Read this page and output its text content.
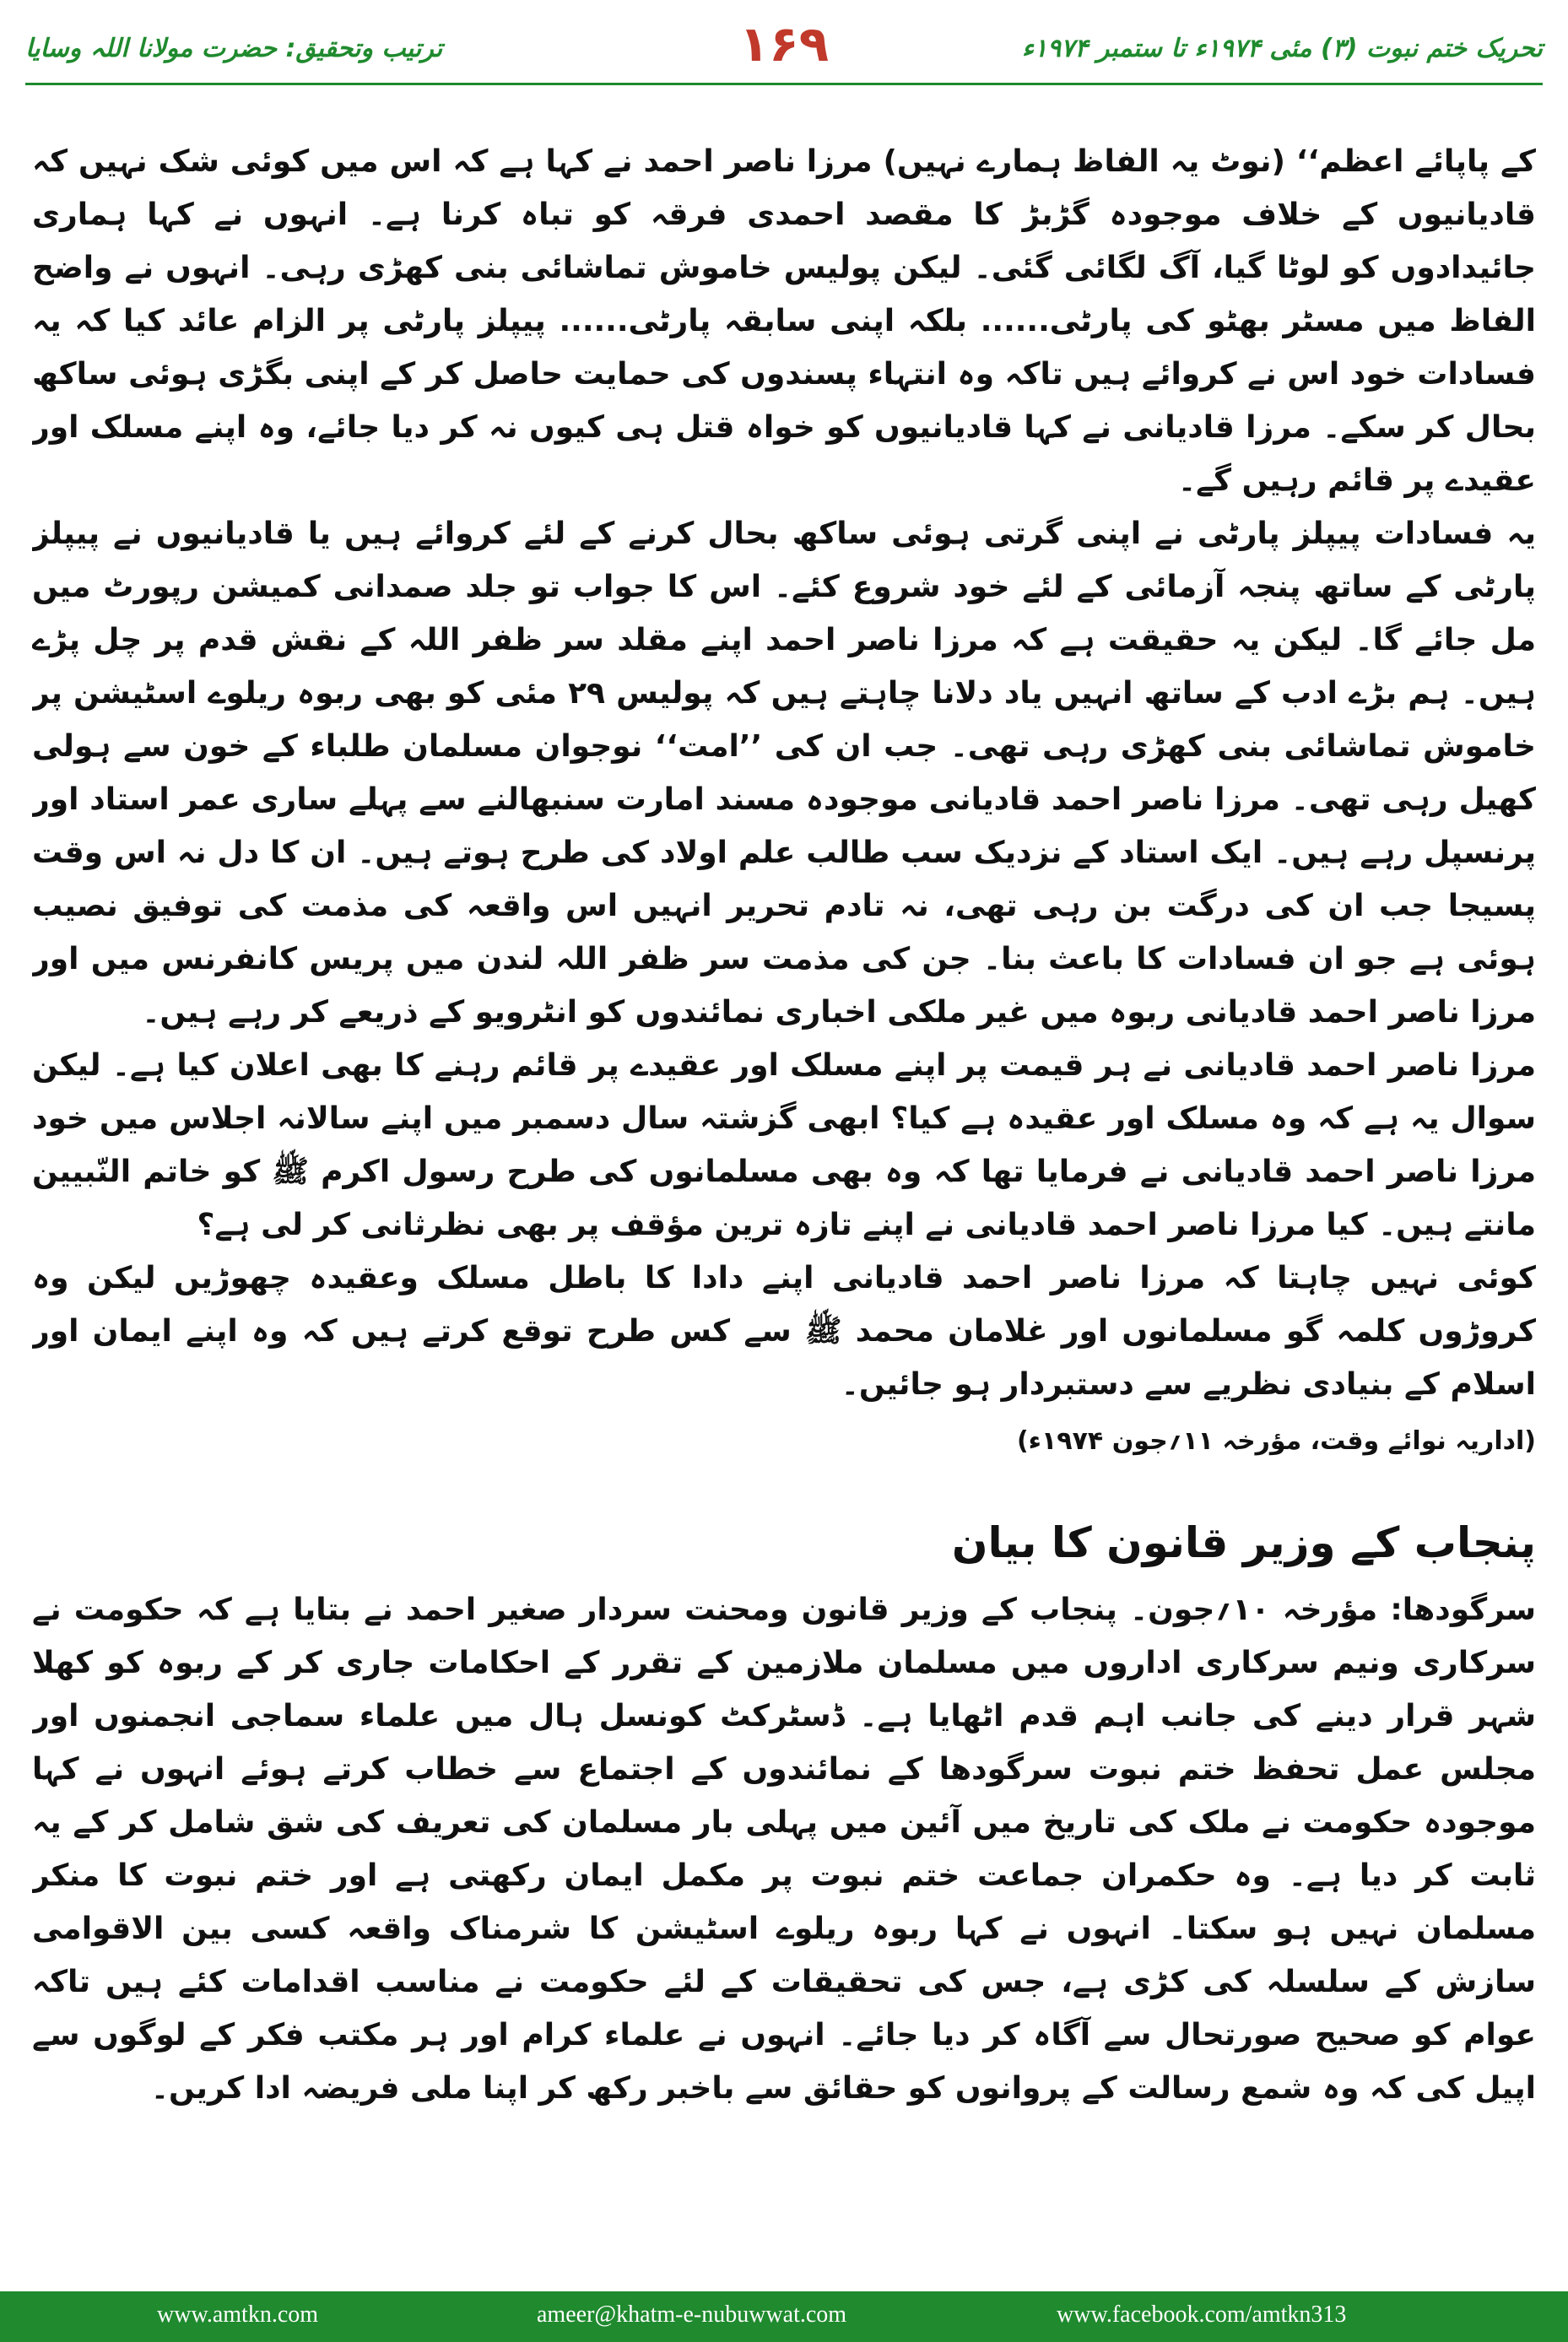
تحریک ختم نبوت (۳) مئی ۱۹۷۴ء تا ستمبر ۱۹۷۴ء
۱۶۹
ترتیب وتحقیق: حضرت مولانا اللہ وسایا

کے پاپائے اعظم‘‘ (نوٹ یہ الفاظ ہمارے نہیں) مرزا ناصر احمد نے کہا ہے کہ اس میں کوئی شک نہیں کہ قادیانیوں کے خلاف موجودہ گڑبڑ کا مقصد احمدی فرقہ کو تباہ کرنا ہے۔ انہوں نے کہا ہماری جائیدادوں کو لوٹا گیا، آگ لگائی گئی۔ لیکن پولیس خاموش تماشائی بنی کھڑی رہی۔ انہوں نے واضح الفاظ میں مسٹر بھٹو کی پارٹی...... بلکہ اپنی سابقہ پارٹی...... پیپلز پارٹی پر الزام عائد کیا کہ یہ فسادات خود اس نے کروائے ہیں تاکہ وہ انتہاء پسندوں کی حمایت حاصل کر کے اپنی بگڑی ہوئی ساکھ بحال کر سکے۔ مرزا قادیانی نے کہا قادیانیوں کو خواہ قتل ہی کیوں نہ کر دیا جائے، وہ اپنے مسلک اور عقیدے پر قائم رہیں گے۔

یہ فسادات پیپلز پارٹی نے اپنی گرتی ہوئی ساکھ بحال کرنے کے لئے کروائے ہیں یا قادیانیوں نے پیپلز پارٹی کے ساتھ پنجہ آزمائی کے لئے خود شروع کئے۔ اس کا جواب تو جلد صمدانی کمیشن رپورٹ میں مل جائے گا۔ لیکن یہ حقیقت ہے کہ مرزا ناصر احمد اپنے مقلد سر ظفر اللہ کے نقش قدم پر چل پڑے ہیں۔ ہم بڑے ادب کے ساتھ انہیں یاد دلانا چاہتے ہیں کہ پولیس ۲۹ مئی کو بھی ربوہ ریلوے اسٹیشن پر خاموش تماشائی بنی کھڑی رہی تھی۔ جب ان کی ’’امت‘‘ نوجوان مسلمان طلباء کے خون سے ہولی کھیل رہی تھی۔ مرزا ناصر احمد قادیانی موجودہ مسند امارت سنبھالنے سے پہلے ساری عمر استاد اور پرنسپل رہے ہیں۔ ایک استاد کے نزدیک سب طالب علم اولاد کی طرح ہوتے ہیں۔ ان کا دل نہ اس وقت پسیجا جب ان کی درگت بن رہی تھی، نہ تادم تحریر انہیں اس واقعہ کی مذمت کی توفیق نصیب ہوئی ہے جو ان فسادات کا باعث بنا۔ جن کی مذمت سر ظفر اللہ لندن میں پریس کانفرنس میں اور مرزا ناصر احمد قادیانی ربوہ میں غیر ملکی اخباری نمائندوں کو انٹرویو کے ذریعے کر رہے ہیں۔

مرزا ناصر احمد قادیانی نے ہر قیمت پر اپنے مسلک اور عقیدے پر قائم رہنے کا بھی اعلان کیا ہے۔ لیکن سوال یہ ہے کہ وہ مسلک اور عقیدہ ہے کیا؟ ابھی گزشتہ سال دسمبر میں اپنے سالانہ اجلاس میں خود مرزا ناصر احمد قادیانی نے فرمایا تھا کہ وہ بھی مسلمانوں کی طرح رسول اکرم ﷺ کو خاتم النّبیین مانتے ہیں۔ کیا مرزا ناصر احمد قادیانی نے اپنے تازہ ترین مؤقف پر بھی نظرثانی کر لی ہے؟

کوئی نہیں چاہتا کہ مرزا ناصر احمد قادیانی اپنے دادا کا باطل مسلک وعقیدہ چھوڑیں لیکن وہ کروڑوں کلمہ گو مسلمانوں اور غلامان محمد ﷺ سے کس طرح توقع کرتے ہیں کہ وہ اپنے ایمان اور اسلام کے بنیادی نظریے سے دستبردار ہو جائیں۔

(اداریہ نوائے وقت، مؤرخہ ۱۱؍جون ۱۹۷۴ء)

پنجاب کے وزیر قانون کا بیان

سرگودھا: مؤرخہ ۱۰؍جون۔ پنجاب کے وزیر قانون ومحنت سردار صغیر احمد نے بتایا ہے کہ حکومت نے سرکاری ونیم سرکاری اداروں میں مسلمان ملازمین کے تقرر کے احکامات جاری کر کے ربوہ کو کھلا شہر قرار دینے کی جانب اہم قدم اٹھایا ہے۔ ڈسٹرکٹ کونسل ہال میں علماء سماجی انجمنوں اور مجلس عمل تحفظ ختم نبوت سرگودھا کے نمائندوں کے اجتماع سے خطاب کرتے ہوئے انہوں نے کہا موجودہ حکومت نے ملک کی تاریخ میں آئین میں پہلی بار مسلمان کی تعریف کی شق شامل کر کے یہ ثابت کر دیا ہے۔ وہ حکمران جماعت ختم نبوت پر مکمل ایمان رکھتی ہے اور ختم نبوت کا منکر مسلمان نہیں ہو سکتا۔ انہوں نے کہا ربوہ ریلوے اسٹیشن کا شرمناک واقعہ کسی بین الاقوامی سازش کے سلسلہ کی کڑی ہے، جس کی تحقیقات کے لئے حکومت نے مناسب اقدامات کئے ہیں تاکہ عوام کو صحیح صورتحال سے آگاہ کر دیا جائے۔ انہوں نے علماء کرام اور ہر مکتب فکر کے لوگوں سے اپیل کی کہ وہ شمع رسالت کے پروانوں کو حقائق سے باخبر رکھ کر اپنا ملی فریضہ ادا کریں۔

www.amtkn.com	ameer@khatm-e-nubuwwat.com	www.facebook.com/amtkn313
